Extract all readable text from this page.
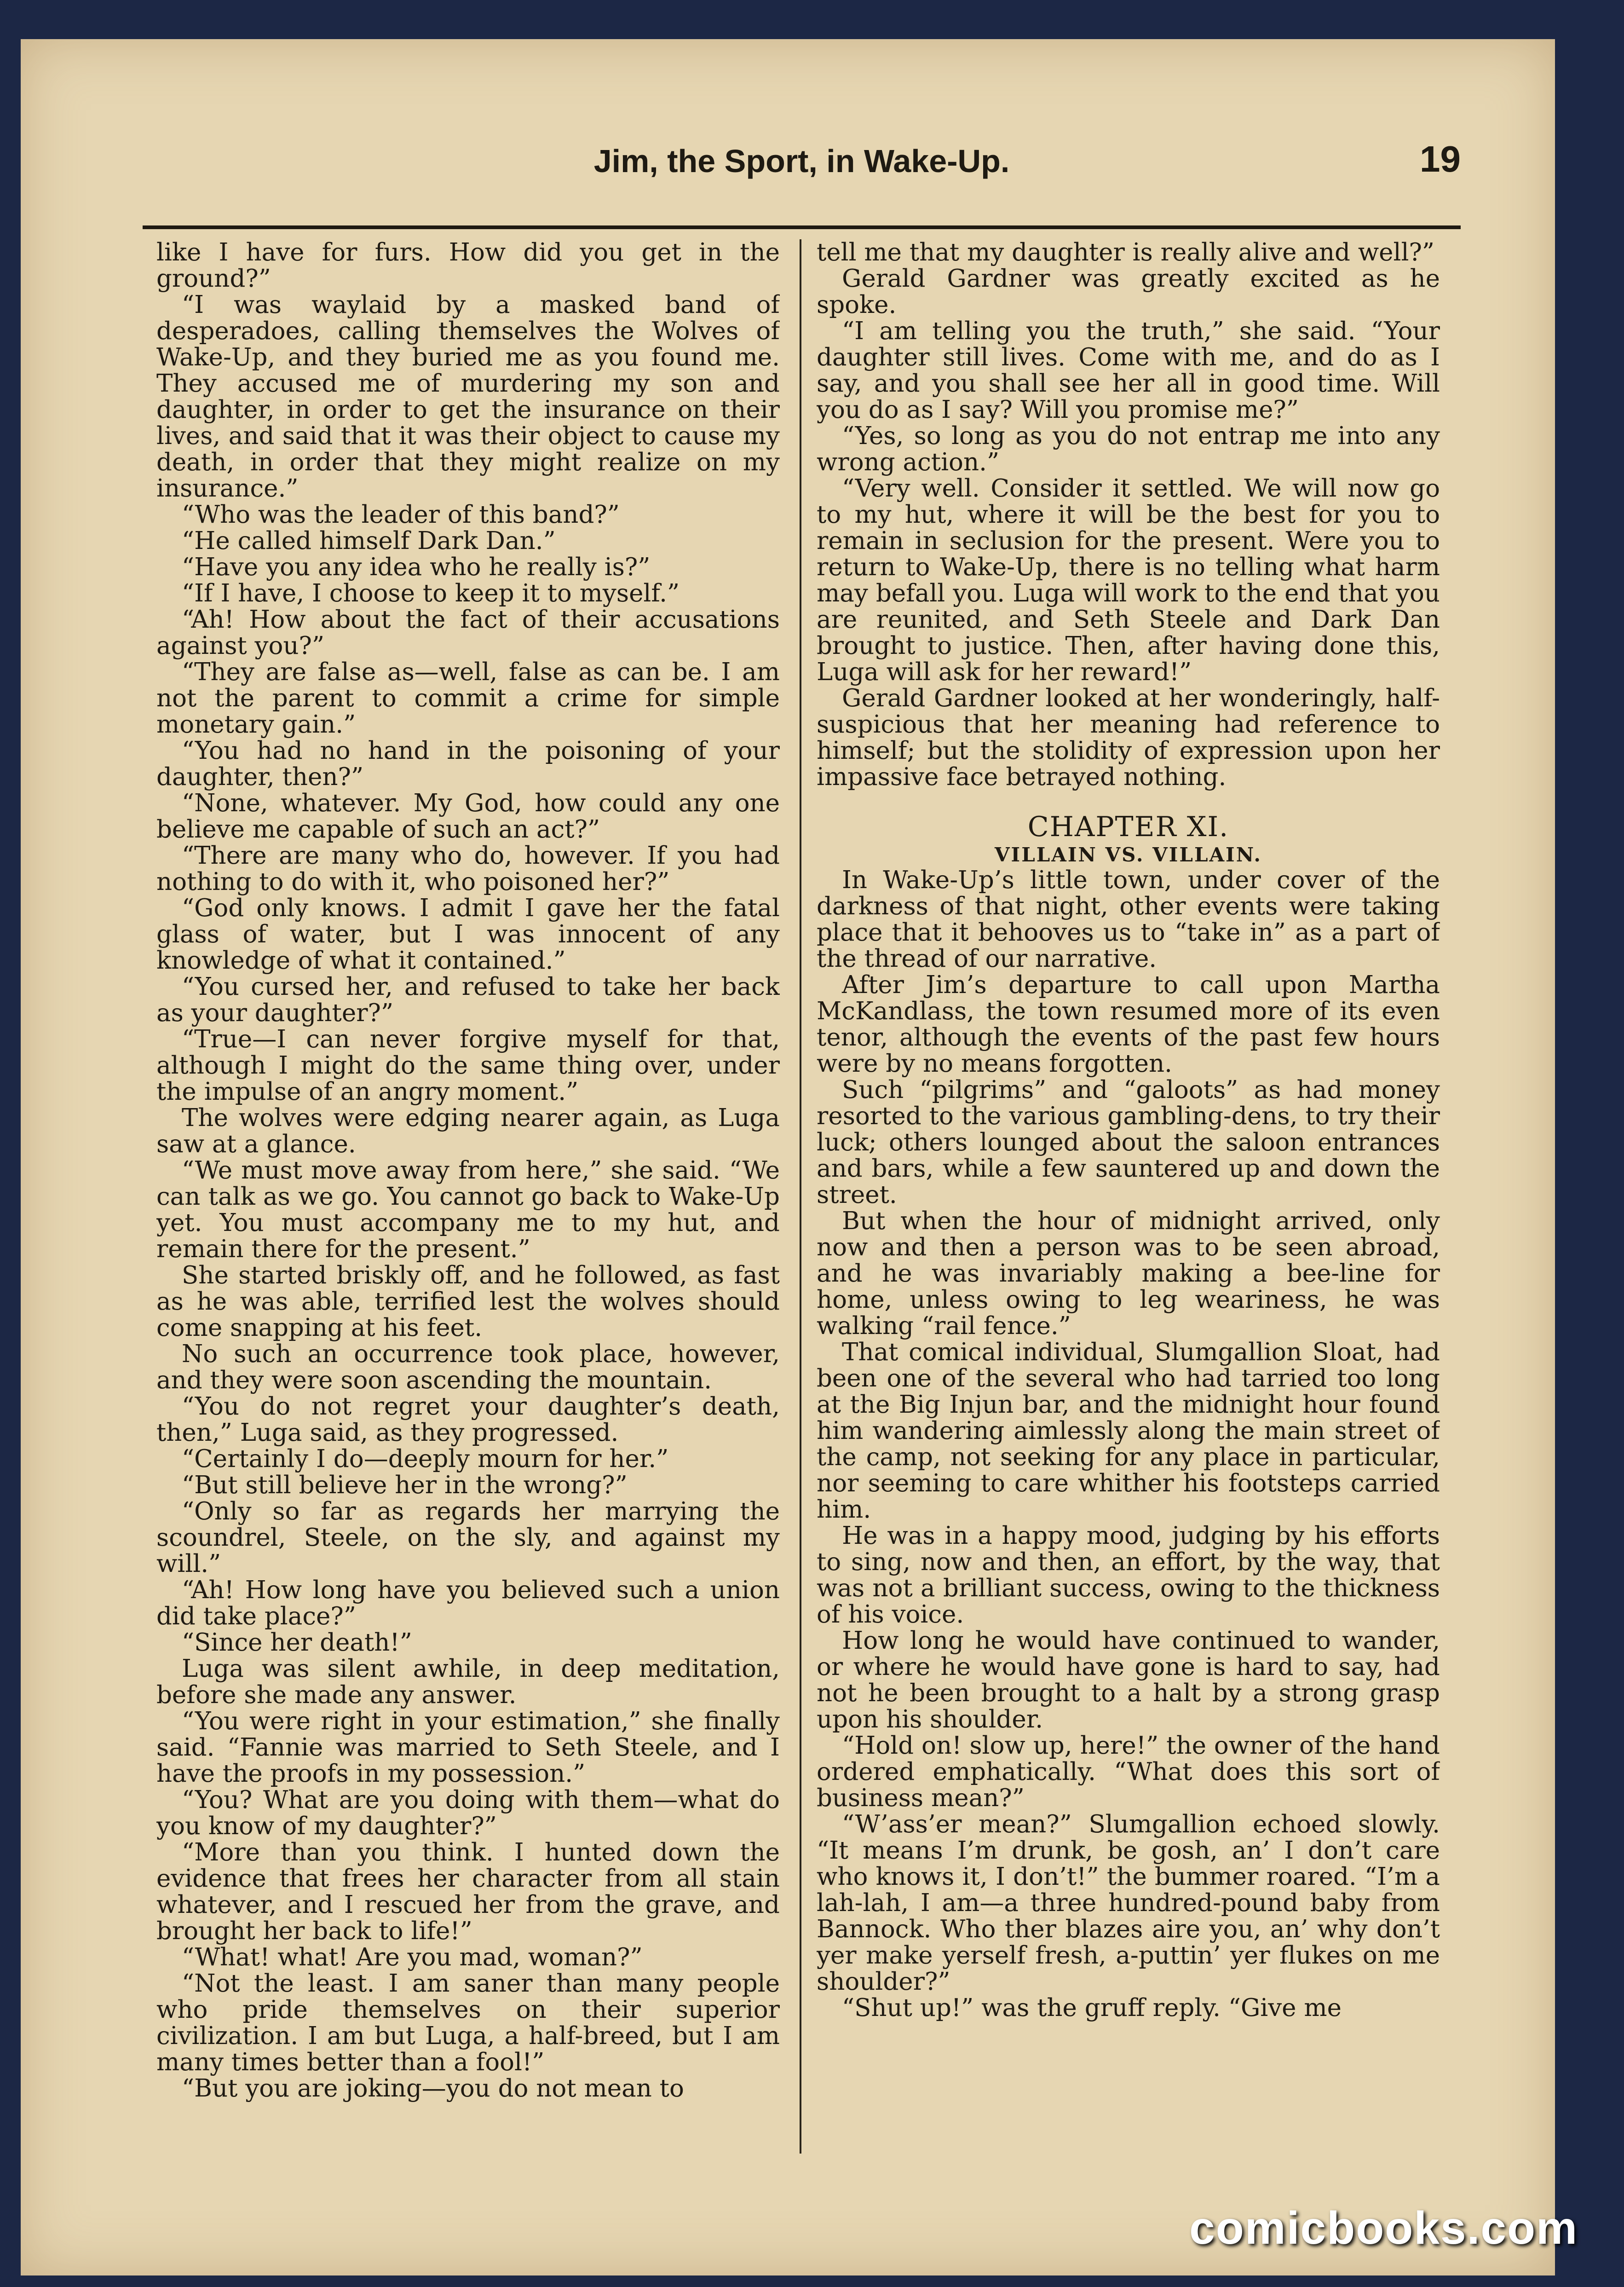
Jim, the Sport, in Wake-Up.	19

like I have for furs. How did you get in the ground?”

“I was waylaid by a masked band of desperadoes, calling themselves the Wolves of Wake-Up, and they buried me as you found me. They accused me of murdering my son and daughter, in order to get the insurance on their lives, and said that it was their object to cause my death, in order that they might realize on my insurance.”

“Who was the leader of this band?”

“He called himself Dark Dan.”

“Have you any idea who he really is?”

“If I have, I choose to keep it to myself.”

“Ah! How about the fact of their accusations against you?”

“They are false as—well, false as can be. I am not the parent to commit a crime for simple monetary gain.”

“You had no hand in the poisoning of your daughter, then?”

“None, whatever. My God, how could any one believe me capable of such an act?”

“There are many who do, however. If you had nothing to do with it, who poisoned her?”

“God only knows. I admit I gave her the fatal glass of water, but I was innocent of any knowledge of what it contained.”

“You cursed her, and refused to take her back as your daughter?”

“True—I can never forgive myself for that, although I might do the same thing over, under the impulse of an angry moment.”

The wolves were edging nearer again, as Luga saw at a glance.

“We must move away from here,” she said. “We can talk as we go. You cannot go back to Wake-Up yet. You must accompany me to my hut, and remain there for the present.”

She started briskly off, and he followed, as fast as he was able, terrified lest the wolves should come snapping at his feet.

No such an occurrence took place, however, and they were soon ascending the mountain.

“You do not regret your daughter’s death, then,” Luga said, as they progressed.

“Certainly I do—deeply mourn for her.”

“But still believe her in the wrong?”

“Only so far as regards her marrying the scoundrel, Steele, on the sly, and against my will.”

“Ah! How long have you believed such a union did take place?”

“Since her death!”

Luga was silent awhile, in deep meditation, before she made any answer.

“You were right in your estimation,” she finally said. “Fannie was married to Seth Steele, and I have the proofs in my possession.”

“You? What are you doing with them—what do you know of my daughter?”

“More than you think. I hunted down the evidence that frees her character from all stain whatever, and I rescued her from the grave, and brought her back to life!”

“What! what! Are you mad, woman?”

“Not the least. I am saner than many people who pride themselves on their superior civilization. I am but Luga, a half-breed, but I am many times better than a fool!”

“But you are joking—you do not mean to

tell me that my daughter is really alive and well?”

Gerald Gardner was greatly excited as he spoke.

“I am telling you the truth,” she said. “Your daughter still lives. Come with me, and do as I say, and you shall see her all in good time. Will you do as I say? Will you promise me?”

“Yes, so long as you do not entrap me into any wrong action.”

“Very well. Consider it settled. We will now go to my hut, where it will be the best for you to remain in seclusion for the present. Were you to return to Wake-Up, there is no telling what harm may befall you. Luga will work to the end that you are reunited, and Seth Steele and Dark Dan brought to justice. Then, after having done this, Luga will ask for her reward!”

Gerald Gardner looked at her wonderingly, half-suspicious that her meaning had reference to himself; but the stolidity of expression upon her impassive face betrayed nothing.

CHAPTER XI.
VILLAIN VS. VILLAIN.

In Wake-Up’s little town, under cover of the darkness of that night, other events were taking place that it behooves us to “take in” as a part of the thread of our narrative.

After Jim’s departure to call upon Martha McKandlass, the town resumed more of its even tenor, although the events of the past few hours were by no means forgotten.

Such “pilgrims” and “galoots” as had money resorted to the various gambling-dens, to try their luck; others lounged about the saloon entrances and bars, while a few sauntered up and down the street.

But when the hour of midnight arrived, only now and then a person was to be seen abroad, and he was invariably making a bee-line for home, unless owing to leg weariness, he was walking “rail fence.”

That comical individual, Slumgallion Sloat, had been one of the several who had tarried too long at the Big Injun bar, and the midnight hour found him wandering aimlessly along the main street of the camp, not seeking for any place in particular, nor seeming to care whither his footsteps carried him.

He was in a happy mood, judging by his efforts to sing, now and then, an effort, by the way, that was not a brilliant success, owing to the thickness of his voice.

How long he would have continued to wander, or where he would have gone is hard to say, had not he been brought to a halt by a strong grasp upon his shoulder.

“Hold on! slow up, here!” the owner of the hand ordered emphatically. “What does this sort of business mean?”

“W’ass’er mean?” Slumgallion echoed slowly. “It means I’m drunk, be gosh, an’ I don’t care who knows it, I don’t!” the bummer roared. “I’m a lah-lah, I am—a three hundred-pound baby from Bannock. Who ther blazes aire you, an’ why don’t yer make yerself fresh, a-puttin’ yer flukes on me shoulder?”

“Shut up!” was the gruff reply. “Give me

comicbooks.com
